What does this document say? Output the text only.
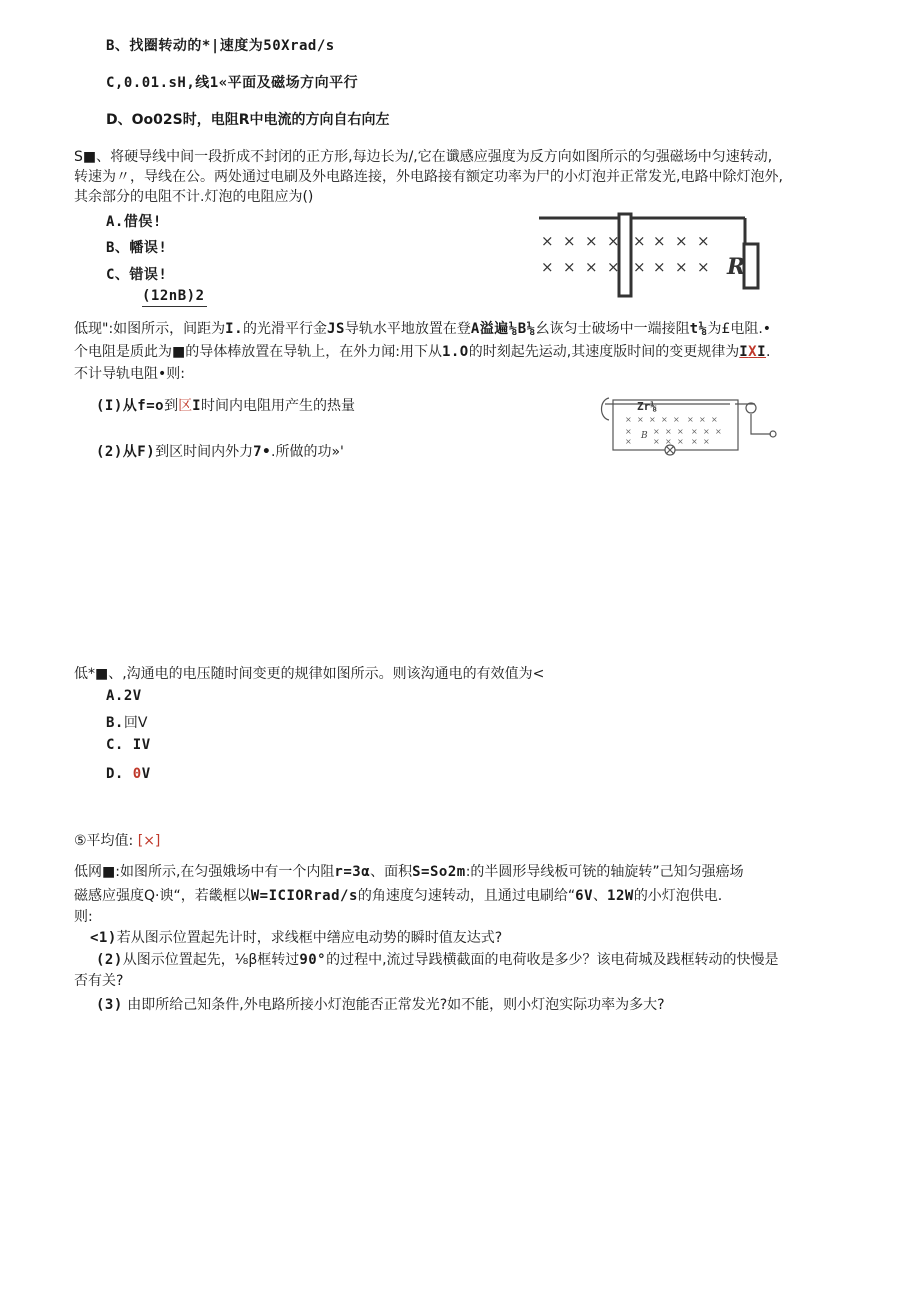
B、找圈转动的*|速度为50Xrad/s
C,0.01.sH,线1«平面及磁场方向平行
D、Oo02S时，电阻R中电流的方向自右向左
S■、将硬导线中间一段折成不封闭的正方形,每边长为/,它在谶感应强度为反方向如图所示的匀强磁场中匀速转动,
转速为〃，导线在公。两处通过电刷及外电路连接，外电路接有额定功率为尸的小灯泡并正常发光,电路中除灯泡外,
其余部分的电阻不计.灯泡的电阻应为()
A.借俣!
B、幡误!
C、错误!
(12nB)2
× × × × × × × ×
× × × × × × × × R
低现":如图所示，间距为I.的光滑平行金JS导轨水平地放置在登A溢遍⅛B⅛幺诙匀士破场中一端接阻t⅛为£电阻.•
个电阻是质此为■的导体棒放置在导轨上，在外力闻:用下从1.O的时刻起先运动,其速度版时间的变更规律为IXI.
不计导轨电阻•则:
(I)从f=o到区I时间内电阻用产生的热量
(2)从F)到区时间内外力7•.所做的功»'
Zr⅛
B
× × × × × × × ×
×	× × × × × ×
×	× × × × ×
低*■、,沟通电的电压随时间变更的规律如图所示。则该沟通电的有效值为<
A.2V
B.回V
C. IV
D. 0V
⑤平均值: [×]
低网■:如图所示,在匀强娥场中有一个内阻r=3α、面积S=So2m:的半圆形导线板可铳的轴旋转”己知匀强癌场
磁感应强度Q·谀“，若畿框以W=ICIORrad/s的角速度匀速转动，且通过电刷给“6V、12W的小灯泡供电.
则:
<1)若从图示位置起先计时，求线框中缮应电动势的瞬时值友达式?
(2)从图示位置起先，⅛β框转过90°的过程中,流过导践横截面的电荷收是多少？该电荷城及践框转动的快慢是
否有关?
(3) 由即所给己知条件,外电路所接小灯泡能否正常发光?如不能，则小灯泡实际功率为多大?
